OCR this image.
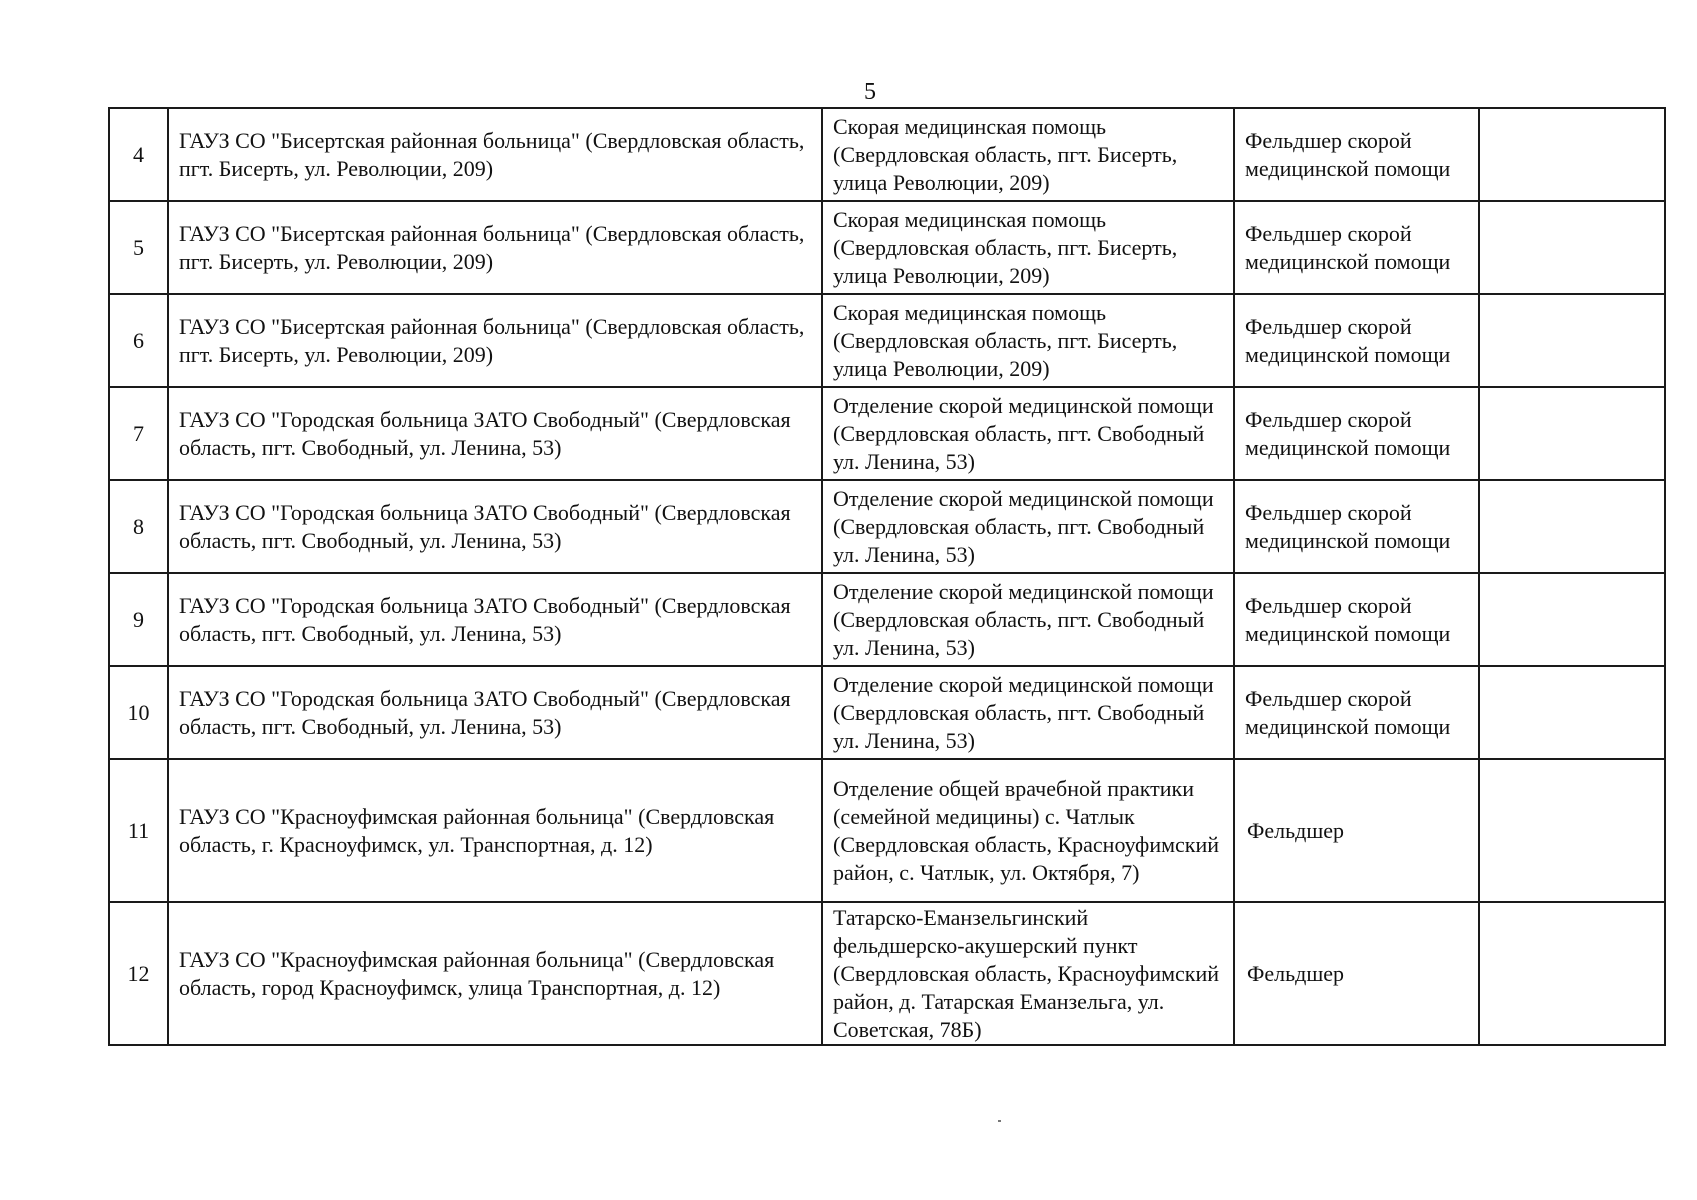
5
4	ГАУЗ СО "Бисертская районная больница" (Свердловская область, пгт. Бисерть, ул. Революции, 209)	Скорая медицинская помощь (Свердловская область, пгт. Бисерть, улица Революции, 209)	Фельдшер скорой медицинской помощи	
5	ГАУЗ СО "Бисертская районная больница" (Свердловская область, пгт. Бисерть, ул. Революции, 209)	Скорая медицинская помощь (Свердловская область, пгт. Бисерть, улица Революции, 209)	Фельдшер скорой медицинской помощи	
6	ГАУЗ СО "Бисертская районная больница" (Свердловская область, пгт. Бисерть, ул. Революции, 209)	Скорая медицинская помощь (Свердловская область, пгт. Бисерть, улица Революции, 209)	Фельдшер скорой медицинской помощи	
7	ГАУЗ СО "Городская больница ЗАТО Свободный" (Свердловская область, пгт. Свободный, ул. Ленина, 53)	Отделение скорой медицинской помощи (Свердловская область, пгт. Свободный ул. Ленина, 53)	Фельдшер скорой медицинской помощи	
8	ГАУЗ СО "Городская больница ЗАТО Свободный" (Свердловская область, пгт. Свободный, ул. Ленина, 53)	Отделение скорой медицинской помощи (Свердловская область, пгт. Свободный ул. Ленина, 53)	Фельдшер скорой медицинской помощи	
9	ГАУЗ СО "Городская больница ЗАТО Свободный" (Свердловская область, пгт. Свободный, ул. Ленина, 53)	Отделение скорой медицинской помощи (Свердловская область, пгт. Свободный ул. Ленина, 53)	Фельдшер скорой медицинской помощи	
10	ГАУЗ СО "Городская больница ЗАТО Свободный" (Свердловская область, пгт. Свободный, ул. Ленина, 53)	Отделение скорой медицинской помощи (Свердловская область, пгт. Свободный ул. Ленина, 53)	Фельдшер скорой медицинской помощи	
11	ГАУЗ СО "Красноуфимская районная больница" (Свердловская область, г. Красноуфимск, ул. Транспортная, д. 12)	Отделение общей врачебной практики (семейной медицины) с. Чатлык (Свердловская область, Красноуфимский район, с. Чатлык, ул. Октября, 7)	Фельдшер	
12	ГАУЗ СО "Красноуфимская районная больница" (Свердловская область, город Красноуфимск, улица Транспортная, д. 12)	Татарско-Еманзельгинский фельдшерско-акушерский пункт (Свердловская область, Красноуфимский район, д. Татарская Еманзельга, ул. Советская, 78Б)	Фельдшер	
